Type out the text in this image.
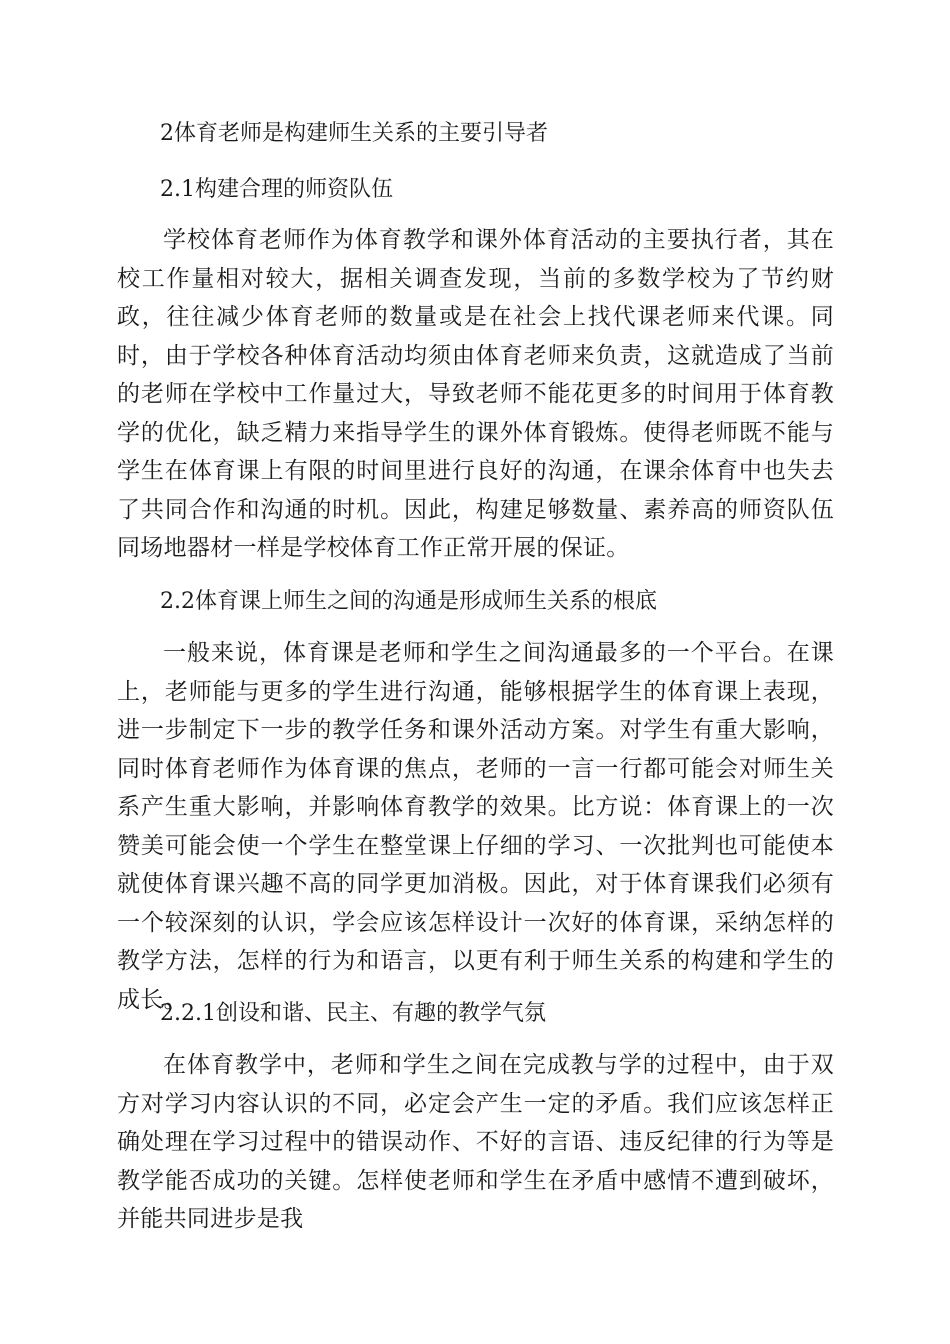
2体育老师是构建师生关系的主要引导者
2.1构建合理的师资队伍

学校体育老师作为体育教学和课外体育活动的主要执行者，其在校工作量相对较大，据相关调查发现，当前的多数学校为了节约财政，往往减少体育老师的数量或是在社会上找代课老师来代课。同时，由于学校各种体育活动均须由体育老师来负责，这就造成了当前的老师在学校中工作量过大，导致老师不能花更多的时间用于体育教学的优化，缺乏精力来指导学生的课外体育锻炼。使得老师既不能与学生在体育课上有限的时间里进行良好的沟通，在课余体育中也失去了共同合作和沟通的时机。因此，构建足够数量、素养高的师资队伍同场地器材一样是学校体育工作正常开展的保证。

2.2体育课上师生之间的沟通是形成师生关系的根底

一般来说，体育课是老师和学生之间沟通最多的一个平台。在课上，老师能与更多的学生进行沟通，能够根据学生的体育课上表现，进一步制定下一步的教学任务和课外活动方案。对学生有重大影响，同时体育老师作为体育课的焦点，老师的一言一行都可能会对师生关系产生重大影响，并影响体育教学的效果。比方说：体育课上的一次赞美可能会使一个学生在整堂课上仔细的学习、一次批判也可能使本就使体育课兴趣不高的同学更加消极。因此，对于体育课我们必须有一个较深刻的认识，学会应该怎样设计一次好的体育课，采纳怎样的教学方法，怎样的行为和语言，以更有利于师生关系的构建和学生的成长。

2.2.1创设和谐、民主、有趣的教学气氛

在体育教学中，老师和学生之间在完成教与学的过程中，由于双方对学习内容认识的不同，必定会产生一定的矛盾。我们应该怎样正确处理在学习过程中的错误动作、不好的言语、违反纪律的行为等是教学能否成功的关键。怎样使老师和学生在矛盾中感情不遭到破坏，并能共同进步是我
